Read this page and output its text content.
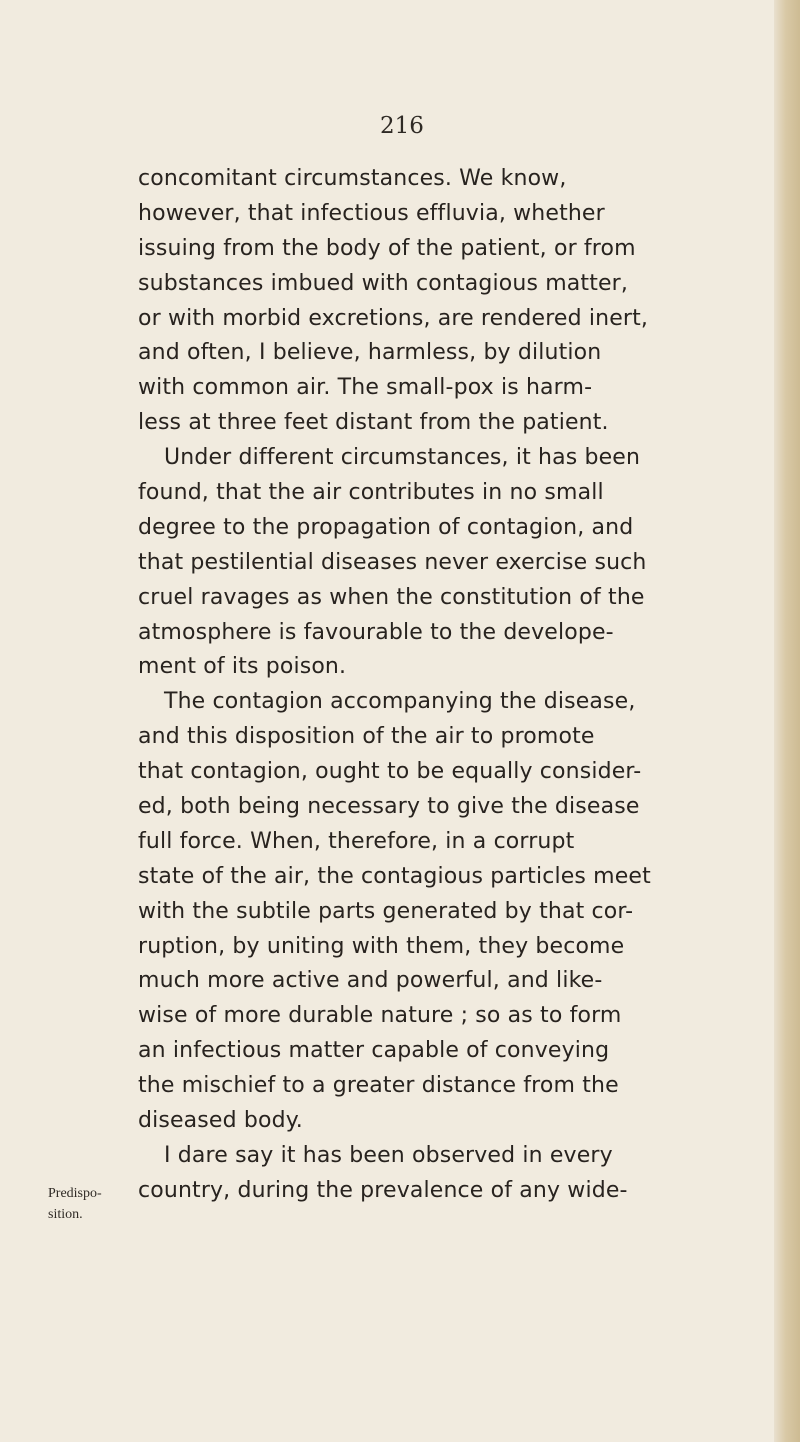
216
Predispo-
sition.
concomitant circumstances. We know,
however, that infectious effluvia, whether
issuing from the body of the patient, or from
substances imbued with contagious matter,
or with morbid excretions, are rendered inert,
and often, I believe, harmless, by dilution
with common air. The small-pox is harm-
less at three feet distant from the patient.
Under different circumstances, it has been
found, that the air contributes in no small
degree to the propagation of contagion, and
that pestilential diseases never exercise such
cruel ravages as when the constitution of the
atmosphere is favourable to the develope-
ment of its poison.
The contagion accompanying the disease,
and this disposition of the air to promote
that contagion, ought to be equally consider-
ed, both being necessary to give the disease
full force. When, therefore, in a corrupt
state of the air, the contagious particles meet
with the subtile parts generated by that cor-
ruption, by uniting with them, they become
much more active and powerful, and like-
wise of more durable nature ; so as to form
an infectious matter capable of conveying
the mischief to a greater distance from the
diseased body.
I dare say it has been observed in every
country, during the prevalence of any wide-
